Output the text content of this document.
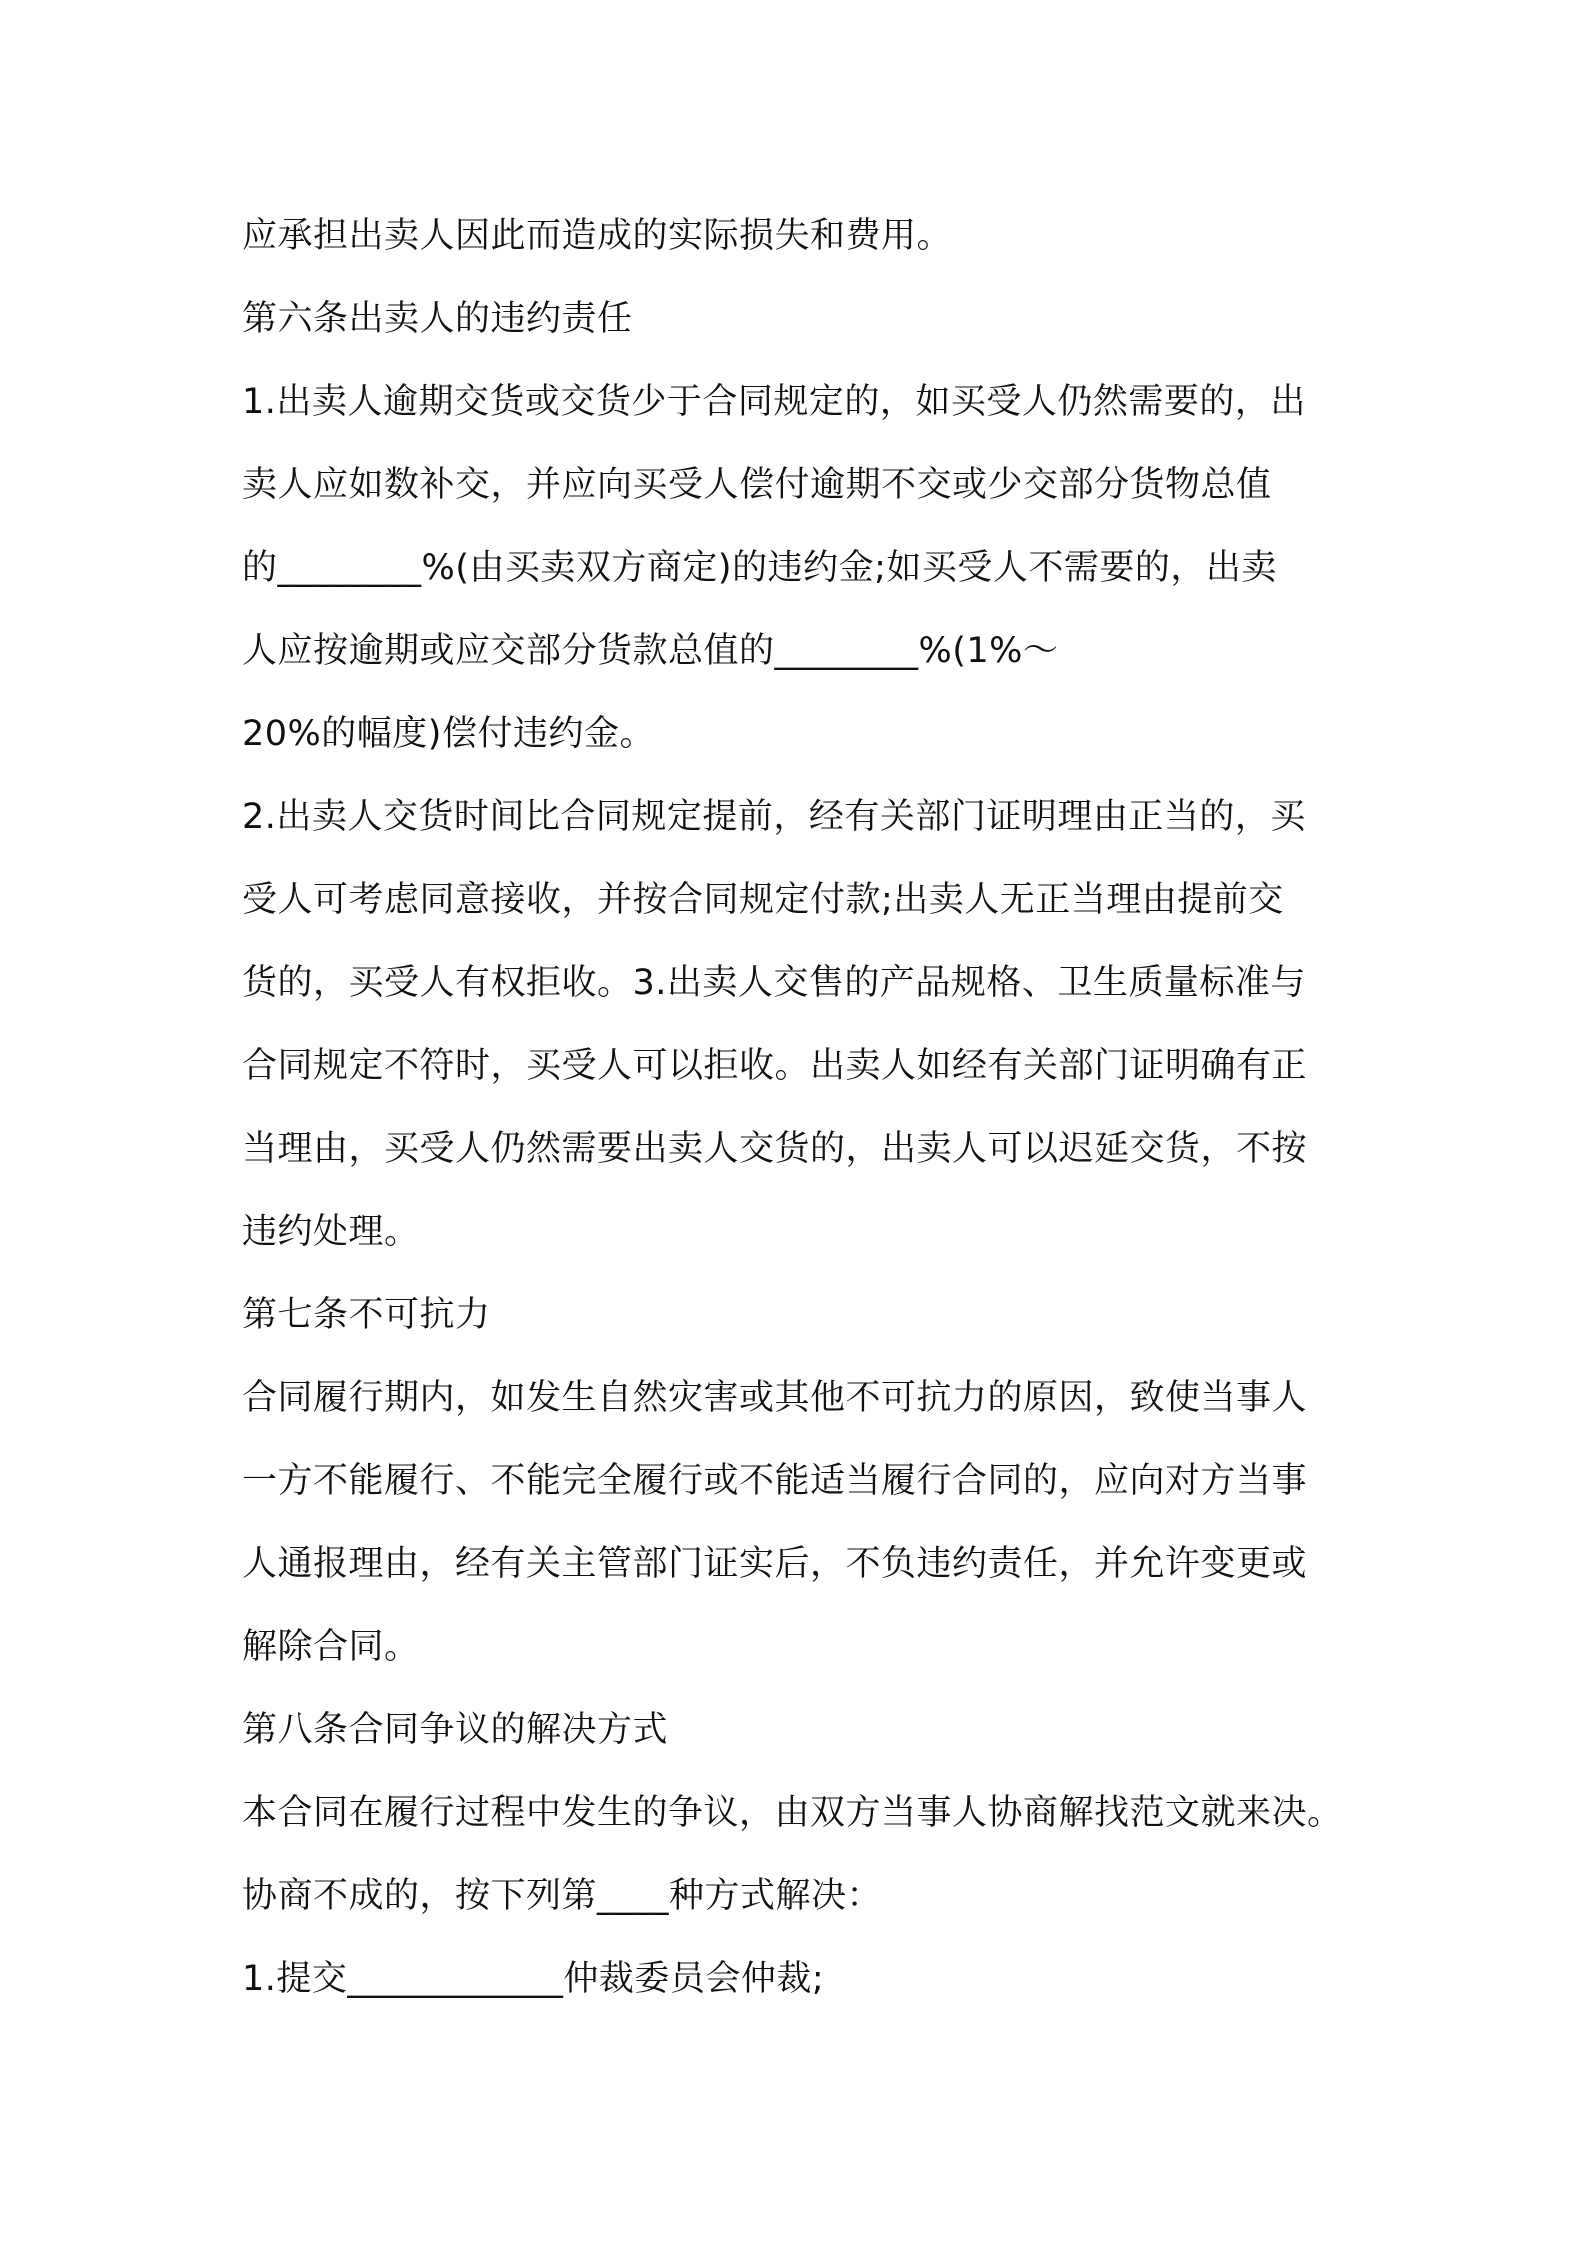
应承担出卖人因此而造成的实际损失和费用。
第六条出卖人的违约责任
1.出卖人逾期交货或交货少于合同规定的，如买受人仍然需要的，出
卖人应如数补交，并应向买受人偿付逾期不交或少交部分货物总值
的________%(由买卖双方商定)的违约金;如买受人不需要的，出卖
人应按逾期或应交部分货款总值的________%(1%～
20%的幅度)偿付违约金。
2.出卖人交货时间比合同规定提前，经有关部门证明理由正当的，买
受人可考虑同意接收，并按合同规定付款;出卖人无正当理由提前交
货的，买受人有权拒收。3.出卖人交售的产品规格、卫生质量标准与
合同规定不符时，买受人可以拒收。出卖人如经有关部门证明确有正
当理由，买受人仍然需要出卖人交货的，出卖人可以迟延交货，不按
违约处理。
第七条不可抗力
合同履行期内，如发生自然灾害或其他不可抗力的原因，致使当事人
一方不能履行、不能完全履行或不能适当履行合同的，应向对方当事
人通报理由，经有关主管部门证实后，不负违约责任，并允许变更或
解除合同。
第八条合同争议的解决方式
本合同在履行过程中发生的争议，由双方当事人协商解找范文就来决。
协商不成的，按下列第____种方式解决：
1.提交____________仲裁委员会仲裁;
